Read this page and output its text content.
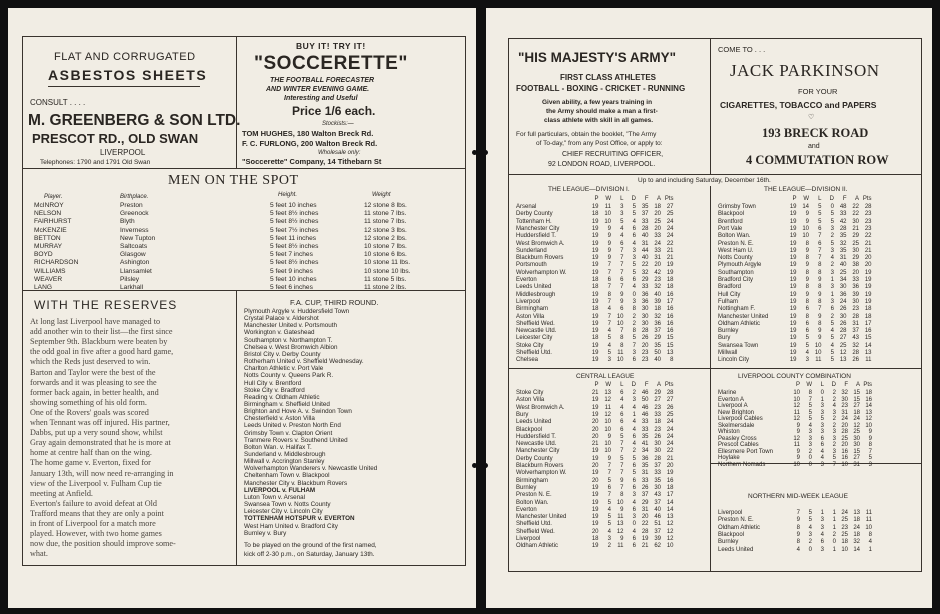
FLAT AND CORRUGATED
ASBESTOS SHEETS
CONSULT . . . .
M. GREENBERG & SON LTD.
PRESCOT RD., OLD SWAN
LIVERPOOL
Telephones: 1790 and 1791 Old Swan
BUY IT! TRY IT!
"SOCCERETTE"
THE FOOTBALL FORECASTER
AND WINTER EVENING GAME.
Interesting and Useful
Price 1/6 each.
Stockists:—
TOM HUGHES, 180 Walton Breck Rd.
F. C. FURLONG, 200 Walton Breck Rd.
Wholesale only:
"Soccerette" Company, 14 Tithebarn St
MEN ON THE SPOT
Player.	Birthplace.	Height.	Weight
McINROY	Preston	5 feet 10 inches	12 stone 8 lbs.
NELSON	Greenock	5 feet 8½ inches	11 stone 7 lbs.
FAIRHURST	Blyth	5 feet 8½ inches	11 stone 7 lbs.
McKENZIE	Inverness	5 feet 7½ inches	12 stone 3 lbs.
BETTON	New Tupton	5 feet 11 inches	12 stone 2 lbs.
MURRAY	Saltcoats	5 feet 8½ inches	10 stone 7 lbs.
BOYD	Glasgow	5 feet 7 inches	10 stone 6 lbs.
RICHARDSON	Ashington	5 feet 8½ inches	10 stone 11 lbs.
WILLIAMS	Llansamlet	5 feet 9 inches	10 stone 10 lbs.
WEAVER	Pilsley	5 feet 10 inches	11 stone 5 lbs.
LANG	Larkhall	5 feet 6 inches	11 stone 2 lbs.
WITH THE RESERVES
At long last Liverpool have managed to
add another win to their list—the first since
September 9th. Blackburn were beaten by
the odd goal in five after a good hard game,
which the Reds just deserved to win.
Barton and Taylor were the best of the
forwards and it was pleasing to see the
former back again, in better health, and
showing something of his old form.
One of the Rovers' goals was scored
when Tennant was off injured. His partner,
Dabbs, put up a very sound show, whilst
Gray again demonstrated that he is more at
home at centre half than on the wing.
The home game v. Everton, fixed for
January 13th, will now need re-arranging in
view of the Liverpool v. Fulham Cup tie
meeting at Anfield.
Everton's failure to avoid defeat at Old
Trafford means that they are only a point
in front of Liverpool for a match more
played. However, with two home games
now due, the position should improve some-
what.
F.A. CUP, THIRD ROUND.
Plymouth Argyle v. Huddersfield Town
Crystal Palace v. Aldershot
Manchester United v. Portsmouth
Workington v. Gateshead
Southampton v. Northampton T.
Chelsea v. West Bromwich Albion
Bristol City v. Derby County
Rotherham United v. Sheffield Wednesday.
Charlton Athletic v. Port Vale
Notts County v. Queens Park R.
Hull City v. Brentford
Stoke City v. Bradford
Reading v. Oldham Athletic
Birmingham v. Sheffield United
Brighton and Hove A. v. Swindon Town
Chesterfield v. Aston Villa
Leeds United v. Preston North End
Grimsby Town v. Clapton Orient
Tranmere Rovers v. Southend United
Bolton Wan. v. Halifax T.
Sunderland v. Middlesbrough
Millwall v. Accrington Stanley
Wolverhampton Wanderers v. Newcastle United
Cheltenham Town v. Blackpool
Manchester City v. Blackburn Rovers
LIVERPOOL v. FULHAM
Luton Town v. Arsenal
Swansea Town v. Notts County
Leicester City v. Lincoln City
TOTTENHAM HOTSPUR v. EVERTON
West Ham United v. Bradford City
Burnley v. Bury
To be played on the ground of the first named,
kick off 2-30 p.m., on Saturday, January 13th.
"HIS MAJESTY'S ARMY"
FIRST CLASS ATHLETES
FOOTBALL - BOXING - CRICKET - RUNNING
Given ability, a few years training in
the Army should make a man a first-
class athlete with skill in all games.
For full particulars, obtain the booklet, "The Army
of To-day," from any Post Office, or apply to:
CHIEF RECRUITING OFFICER,
92 LONDON ROAD, LIVERPOOL.
COME TO . . .
JACK PARKINSON
FOR YOUR
CIGARETTES, TOBACCO and PAPERS
♡
193 BRECK ROAD
and
4 COMMUTATION ROW
Up to and including Saturday, December 16th.
THE LEAGUE—DIVISION I.
P	W	L	D	F	A Pts
Arsenal	19	11	3	5 35 18 27
Derby County	18 10	3	5 37 20 25
Tottenham H.	19 10	5	4 33 25 24
Manchester City	19	9	4	6 28 20 24
Huddersfield T.	19	9	4	6 40 33 24
West Bromwich A.	19	9	6	4 31 24 22
Sunderland	19	9	7	3 44 33 21
Blackburn Rovers	19	9	7	3 40 31 21
Portsmouth	19	7	7	5 22 20 19
Wolverhampton W.	19	7	7	5 32 42 19
Everton	18	6	6	6 29 23 18
Leeds United	18	7	7	4 33 32 18
Middlesbrough	19	8	9	0 36 40 16
Liverpool	19	7	9	3 36 39 17
Birmingham	18	4	6	8 30 18 16
Aston Villa	19	7 10	2 30 32 16
Sheffield Wed.	19	7 10	2 30 36 16
Newcastle Utd.	19	4	7	8 28 37 16
Leicester City	18	5	8	5 26 29 15
Stoke City	19	4	8	7 20 35 15
Sheffield Utd.	19	5	11	3 23 50 13
Chelsea	19	3 10	6 23 40	8
THE LEAGUE—DIVISION II.
P	W	L	D	F	A Pts
Grimsby Town	19 14	5	0 48 22 28
Blackpool	19	9	5	5 33 22 23
Brentford	19	9	5	5 42 30 23
Port Vale	19 10	6	3 28 21 23
Bolton Wan.	19 10	7	2 35 29 22
Preston N. E.	19	8	6	5 32 25 21
West Ham U.	19	9	7	3 35 30 21
Notts County	19	8	7	4 31 29 20
Plymouth Argyle	19	9	8	2 40 38 20
Southampton	19	8	8	3 25 20 19
Bradford City	19	9	9	1 34 33 19
Bradford	19	8	8	3 30 36 19
Hull City	19	9	9	1 36 39 19
Fulham	19	8	8	3 24 30 19
Nottingham F.	19	6	7	6 26 23 18
Manchester United	19	8	9	2 30 28 18
Oldham Athletic	19	6	8	5 26 31 17
Burnley	19	6	9	4 28 37 16
Bury	19	5	9	5 27 43 15
Swansea Town	19	5 10	4 25 32 14
Millwall	19	4 10	5 12 28 13
Lincoln City	19	3	11	5 13 26	11
CENTRAL LEAGUE
P	W	L	D	F	A Pts
Stoke City	21 13	6	2 46 29 28
Aston Villa	19 12	4	3 50 27 27
West Bromwich A.	19	11	4	4 46 23 26
Bury	19 12	6	1 46 33 25
Leeds United	20 10	6	4 33 18 24
Blackpool	20 10	6	4 33 23 24
Huddersfield T.	20	9	5	6 35 26 24
Newcastle Utd.	21 10	7	4 41 30 24
Manchester City	19 10	7	2 34 30 22
Derby County	19	9	5	5 36 28 21
Blackburn Rovers	20	7	7	6 35 37 20
Wolverhampton W.	19	7	7	5 31 33 19
Birmingham	20	5	9	6 33 35 16
Burnley	19	6	7	6 26 30 18
Preston N. E.	19	7	8	3 37 43 17
Bolton Wan.	19	5 10	4 29 37 14
Everton	19	4	9	6 31 40 14
Manchester United	19	5	11	3 20 46 13
Sheffield Utd.	19	5 13	0 22 51 12
Sheffield Wed.	20	4 12	4 28 37 12
Liverpool	18	3	9	6 19 39 12
Oldham Athletic	19	2	11	6 21 62 10
LIVERPOOL COUNTY COMBINATION
P	W	L	D	F	A Pts
Marine	10	8	0	2 32 15 18
Everton A	10	7	1	2 30 15 16
Liverpool A	12	5	3	4 23 27 14
New Brighton	11	5	3	3 31 18 13
Liverpool Cables	12	5	5	2 24 24 12
Skelmersdale	9	4	3	2 20 12 10
Whiston	9	3	3	3 28 25	9
Peasley Cross	12	3	6	3 25 30	9
Prescot Cables	11	3	6	2 20 30	8
Ellesmere Port Town	9	2	4	3 16 15	7
Hoylake	9	0	4	5 16 27	5
Northern Nomads	10	0	3	7 10 31	3
NORTHERN MID-WEEK LEAGUE
Liverpool	7	5	1	1 24 13 11
Preston N. E.	9	5	3	1 25 18 11
Oldham Athletic	8	4	3	1 23 24 10
Blackpool	9	3	4	2 25 18	8
Burnley	8	2	6	0 18 32	4
Leeds United	4	0	3	1 10 14	1
